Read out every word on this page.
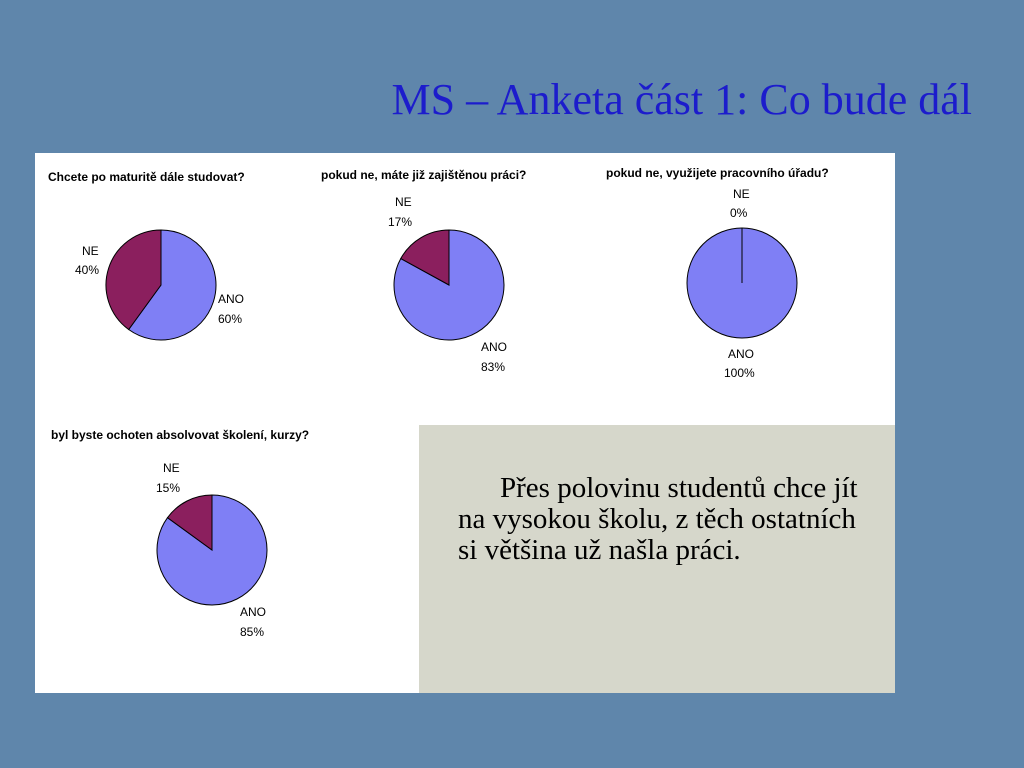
MS – Anketa část 1: Co bude dál

Přes polovinu studentů chce jít na vysokou školu, z těch ostatních si většina už našla práci.

Chcete po maturitě dále studovat?
NE
40%
ANO
60%
pokud ne, máte již zajištěnou práci?
NE
17%
ANO
83%
pokud ne, využijete pracovního úřadu?
NE
0%
ANO
100%
byl byste ochoten absolvovat školení, kurzy?
NE
15%
ANO
85%
